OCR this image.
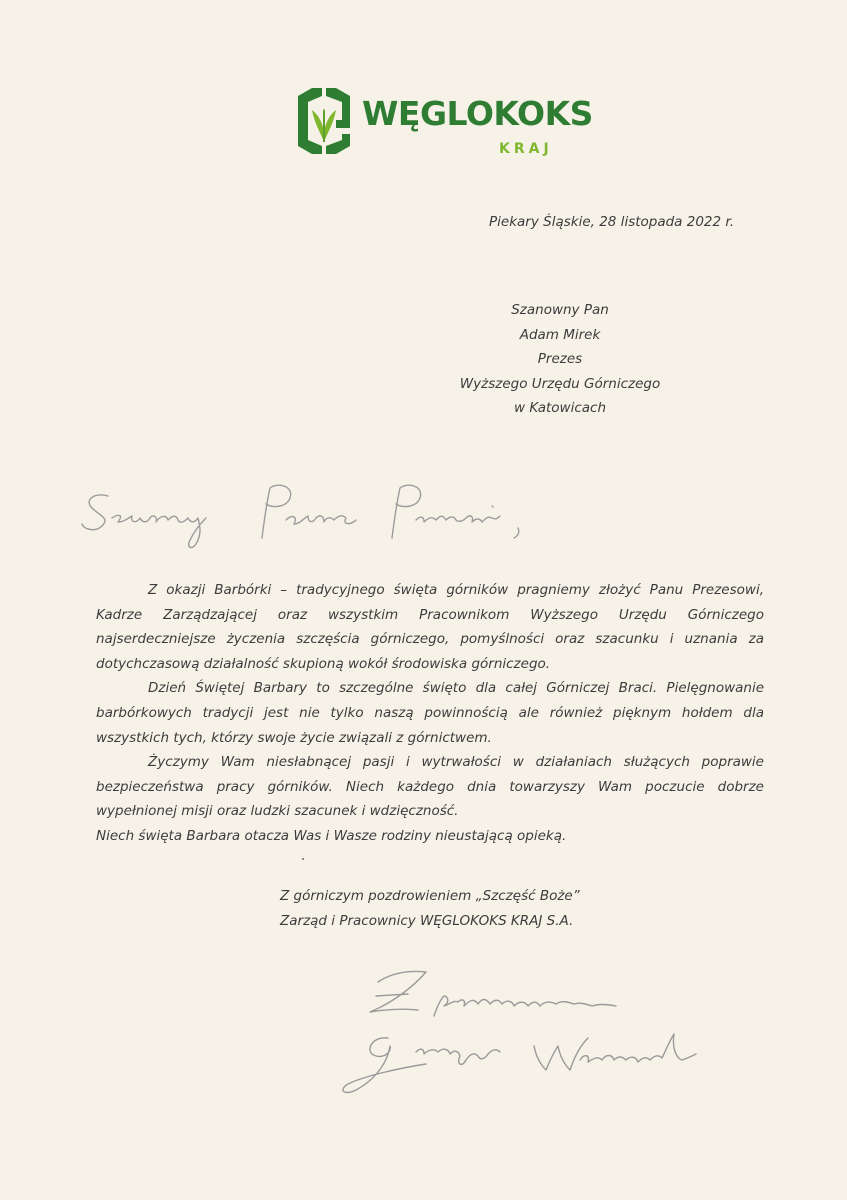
WĘGLOKOKS
KRAJ
Piekary Śląskie, 28 listopada 2022 r.
Szanowny Pan
Adam Mirek
Prezes
Wyższego Urzędu Górniczego
w Katowicach

Z okazji Barbórki – tradycyjnego święta górników pragniemy złożyć Panu Prezesowi, Kadrze Zarządzającej oraz wszystkim Pracownikom Wyższego Urzędu Górniczego najserdeczniejsze życzenia szczęścia górniczego, pomyślności oraz szacunku i uznania za dotychczasową działalność skupioną wokół środowiska górniczego.

Dzień Świętej Barbary to szczególne święto dla całej Górniczej Braci. Pielęgnowanie barbórkowych tradycji jest nie tylko naszą powinnością ale również pięknym hołdem dla wszystkich tych, którzy swoje życie związali z górnictwem.

Życzymy Wam niesłabnącej pasji i wytrwałości w działaniach służących poprawie bezpieczeństwa pracy górników. Niech każdego dnia towarzyszy Wam poczucie dobrze wypełnionej misji oraz ludzki szacunek i wdzięczność.

Niech święta Barbara otacza Was i Wasze rodziny nieustającą opieką.

Z górniczym pozdrowieniem „Szczęść Boże”
Zarząd i Pracownicy WĘGLOKOKS KRAJ S.A.
